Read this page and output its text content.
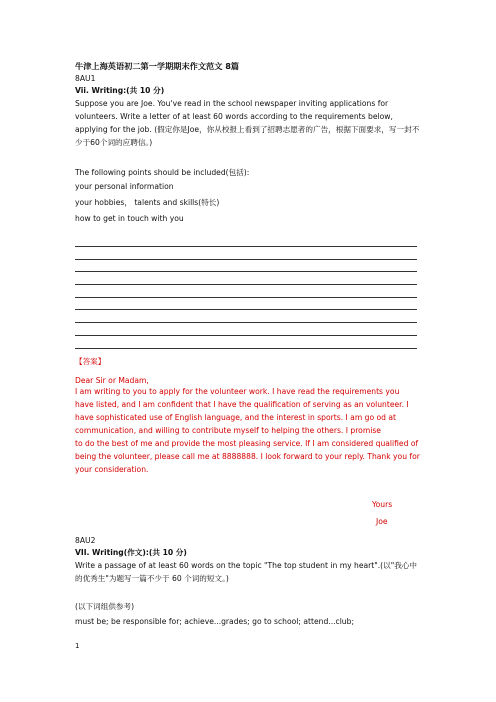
牛津上海英语初二第一学期期末作文范文 8篇
8AU1
Vii. Writing:(共 10 分)
Suppose you are Joe. You've read in the school newspaper inviting applications for volunteers. Write a letter of at least 60 words according to the requirements below, applying for the job. (假定你是Joe，你从校报上看到了招聘志愿者的广告，根据下面要求，写一封不少于60个词的应聘信。)
The following points should be included(包括):
your personal information
your hobbies， talents and skills(特长)
how to get in touch with you
【答案】
Dear Sir or Madam,
I am writing to you to apply for the volunteer work. I have read the requirements you have listed, and I am confident that I have the qualification of serving as an volunteer. I have sophisticated use of English language, and the interest in sports. I am go od at communication, and willing to contribute myself to helping the others. I promise
to do the best of me and provide the most pleasing service. If I am considered qualified of being the volunteer, please call me at 8888888. I look forward to your reply. Thank you for your consideration.
Yours
Joe
8AU2
VII. Writing(作文):(共 10 分)
Write a passage of at least 60 words on the topic "The top student in my heart".(以"我心中的优秀生"为题写一篇不少于 60 个词的短文。)
(以下词组供参考)
must be; be responsible for; achieve...grades; go to school; attend...club;
1
